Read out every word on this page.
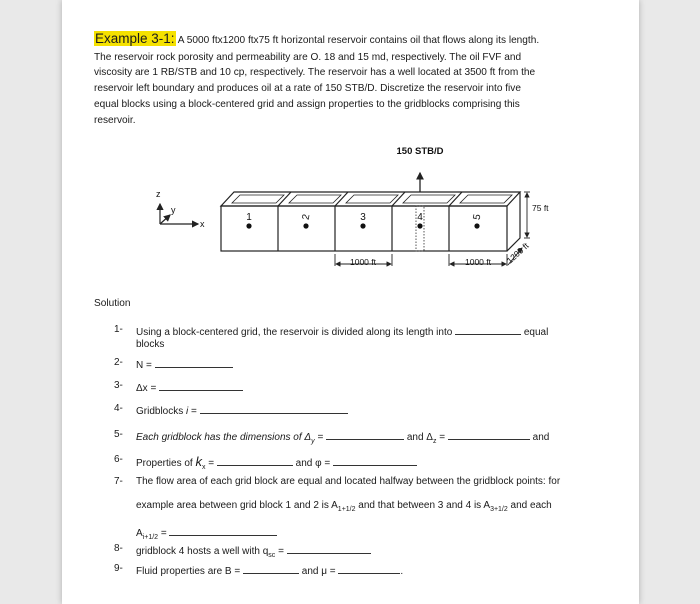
Example 3-1: A 5000 ftx1200 ftx75 ft horizontal reservoir contains oil that flows along its length.
The reservoir rock porosity and permeability are O. 18 and 15 md, respectively. The oil FVF and
viscosity are 1 RB/STB and 10 cp, respectively. The reservoir has a well located at 3500 ft from the
reservoir left boundary and produces oil at a rate of 150 STB/D. Discretize the reservoir into five
equal blocks using a block-centered grid and assign properties to the gridblocks comprising this
reservoir.
1	2	3	4	5
150 STB/D
75 ft
1000 ft	1000 ft 1200 ft
z
y
x
Solution
1- Using a block-centered grid, the reservoir is divided along its length into	equal
blocks
2- N =
3- Δx =
4- Gridblocks i =
5- Each gridblock has the dimensions of $\Delta_y$ =	and $\Delta_z$ =	and
6- Properties of $k_x$ =	and φ =
7- The flow area of each grid block are equal and located halfway between the gridblock points: for
example area between grid block 1 and 2 is $A_{1+1/2}$ and that between 3 and 4 is $A_{3+1/2}$ and each
$A_{i+1/2}$ =
8- gridblock 4 hosts a well with $q_{sc}$ =
9- Fluid properties are B =	and μ =	.
